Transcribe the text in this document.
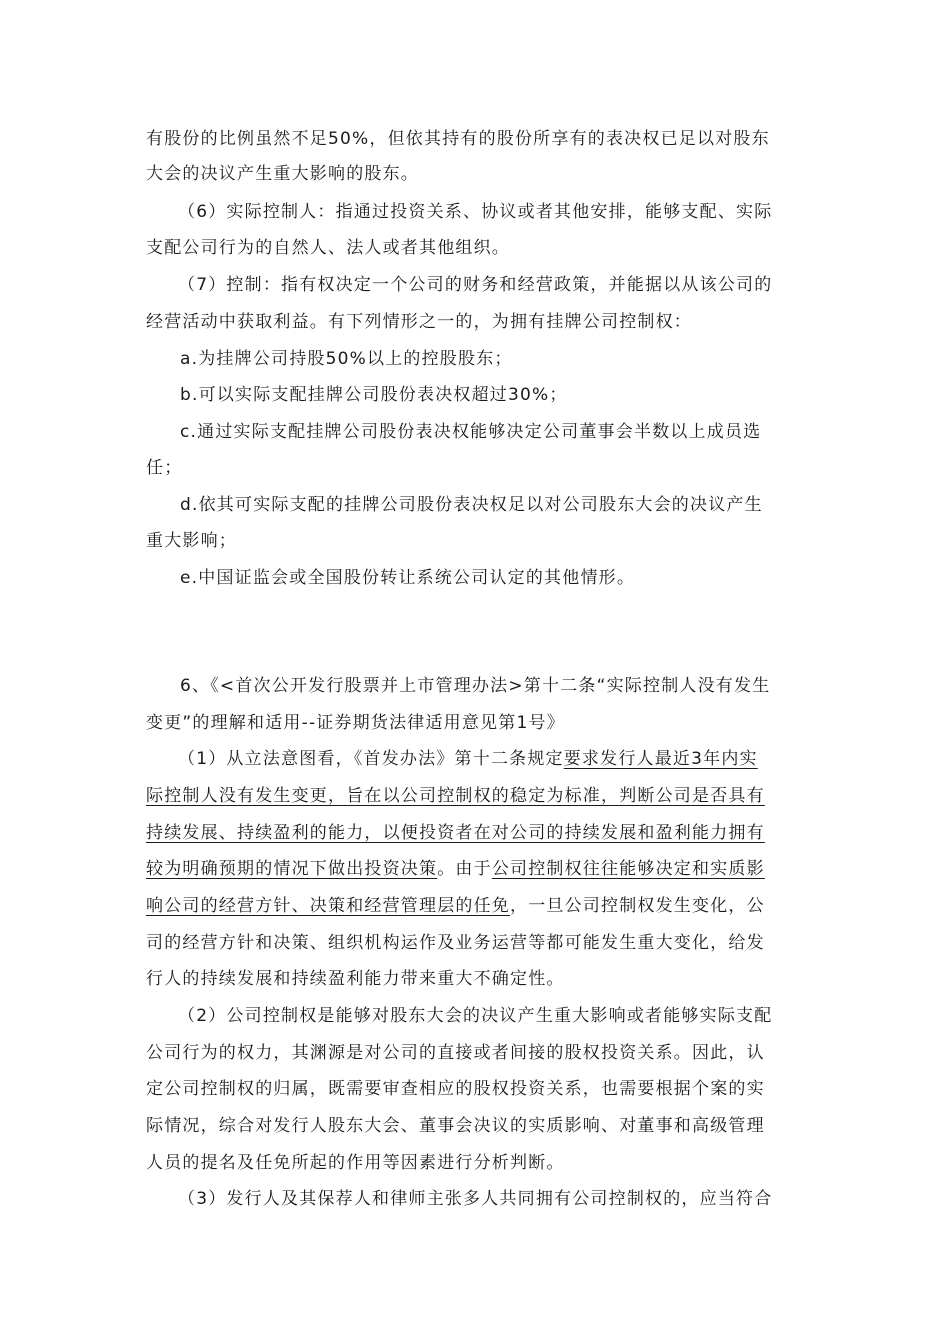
有股份的比例虽然不足50%，但依其持有的股份所享有的表决权已足以对股东
大会的决议产生重大影响的股东。
（6）实际控制人：指通过投资关系、协议或者其他安排，能够支配、实际
支配公司行为的自然人、法人或者其他组织。
（7）控制：指有权决定一个公司的财务和经营政策，并能据以从该公司的
经营活动中获取利益。有下列情形之一的，为拥有挂牌公司控制权：
a.为挂牌公司持股50%以上的控股股东；
b.可以实际支配挂牌公司股份表决权超过30%；
c.通过实际支配挂牌公司股份表决权能够决定公司董事会半数以上成员选
任；
d.依其可实际支配的挂牌公司股份表决权足以对公司股东大会的决议产生
重大影响；
e.中国证监会或全国股份转让系统公司认定的其他情形。
6、《<首次公开发行股票并上市管理办法>第十二条“实际控制人没有发生
变更”的理解和适用--证券期货法律适用意见第1号》
（1）从立法意图看，《首发办法》第十二条规定要求发行人最近3年内实
际控制人没有发生变更，旨在以公司控制权的稳定为标准，判断公司是否具有
持续发展、持续盈利的能力，以便投资者在对公司的持续发展和盈利能力拥有
较为明确预期的情况下做出投资决策。由于公司控制权往往能够决定和实质影
响公司的经营方针、决策和经营管理层的任免，一旦公司控制权发生变化，公
司的经营方针和决策、组织机构运作及业务运营等都可能发生重大变化，给发
行人的持续发展和持续盈利能力带来重大不确定性。
（2）公司控制权是能够对股东大会的决议产生重大影响或者能够实际支配
公司行为的权力，其渊源是对公司的直接或者间接的股权投资关系。因此，认
定公司控制权的归属，既需要审查相应的股权投资关系，也需要根据个案的实
际情况，综合对发行人股东大会、董事会决议的实质影响、对董事和高级管理
人员的提名及任免所起的作用等因素进行分析判断。
（3）发行人及其保荐人和律师主张多人共同拥有公司控制权的，应当符合
